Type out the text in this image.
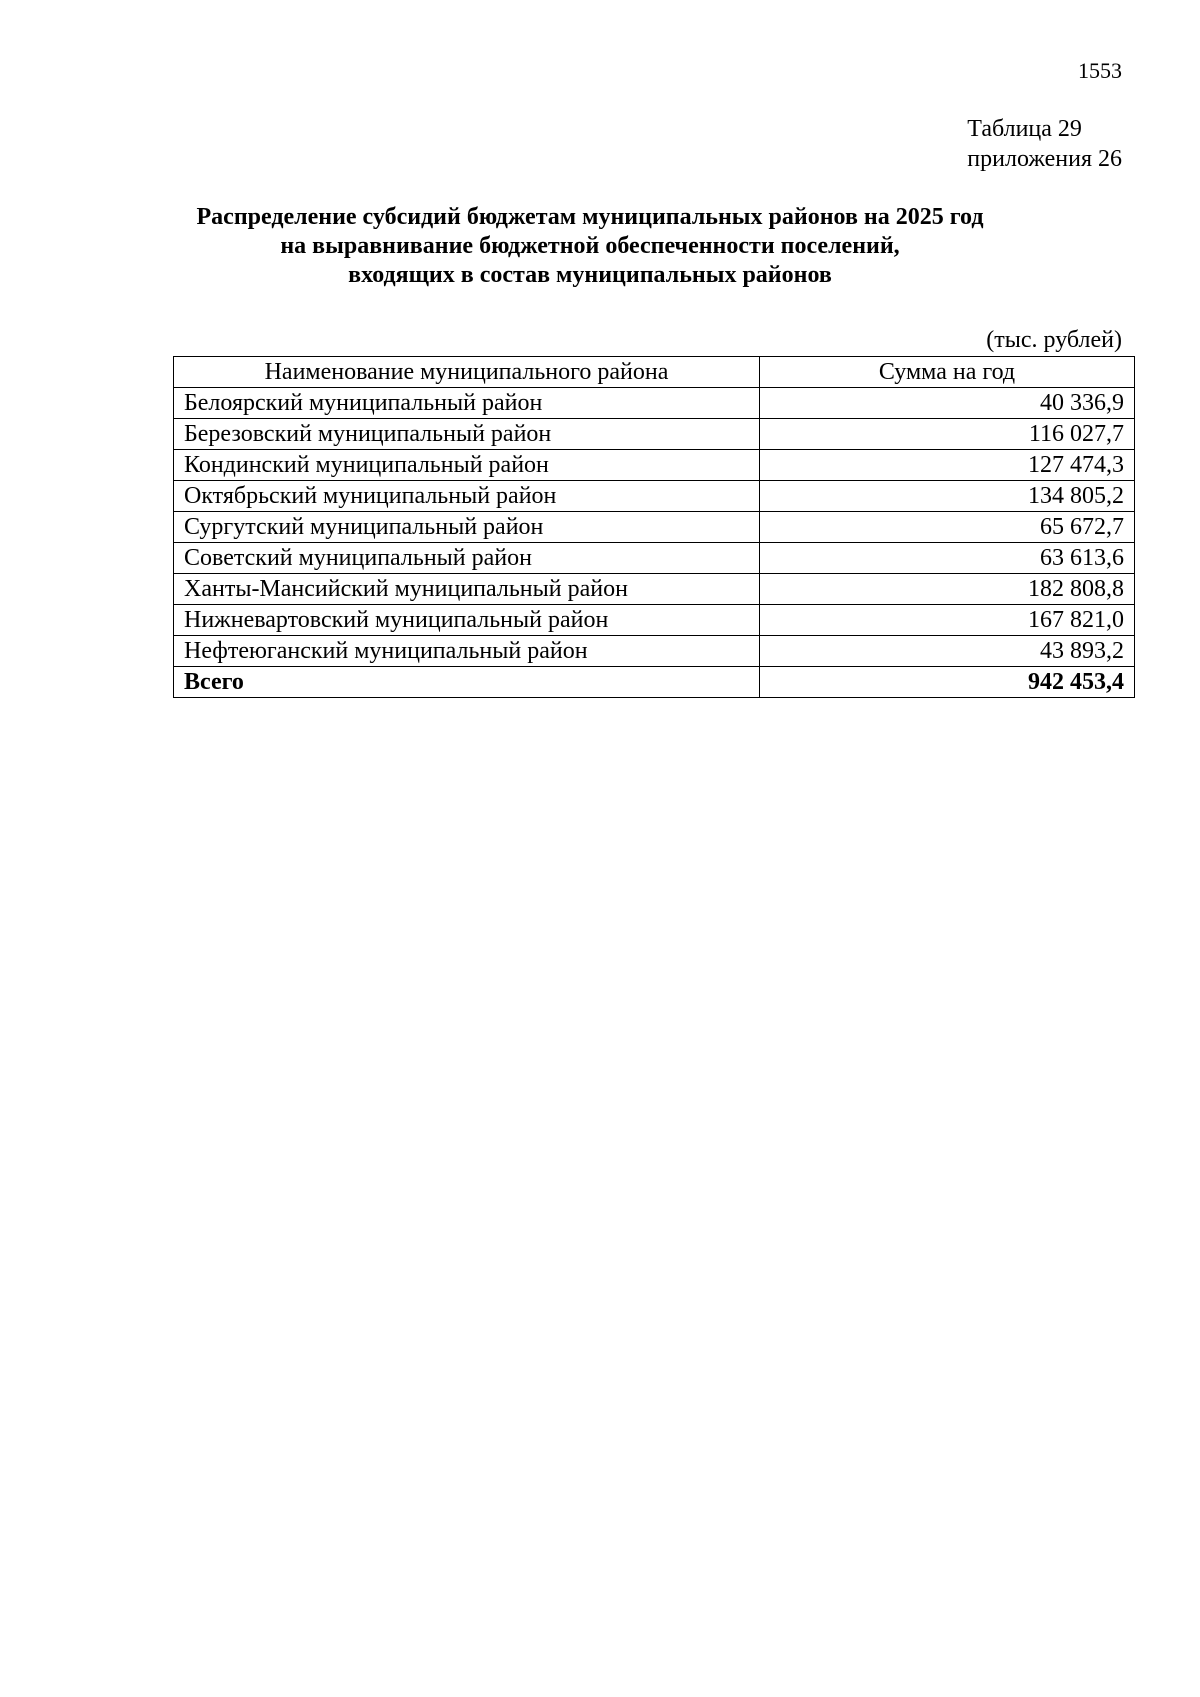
1553
Таблица 29
приложения 26
Распределение субсидий бюджетам муниципальных районов на 2025 год
на выравнивание бюджетной обеспеченности поселений,
входящих в состав муниципальных районов
(тыс. рублей)
Наименование муниципального района	Сумма на год
Белоярский муниципальный район	40 336,9
Березовский муниципальный район	116 027,7
Кондинский муниципальный район	127 474,3
Октябрьский муниципальный район	134 805,2
Сургутский муниципальный район	65 672,7
Советский муниципальный район	63 613,6
Ханты-Мансийский муниципальный район	182 808,8
Нижневартовский муниципальный район	167 821,0
Нефтеюганский муниципальный район	43 893,2
Всего	942 453,4
